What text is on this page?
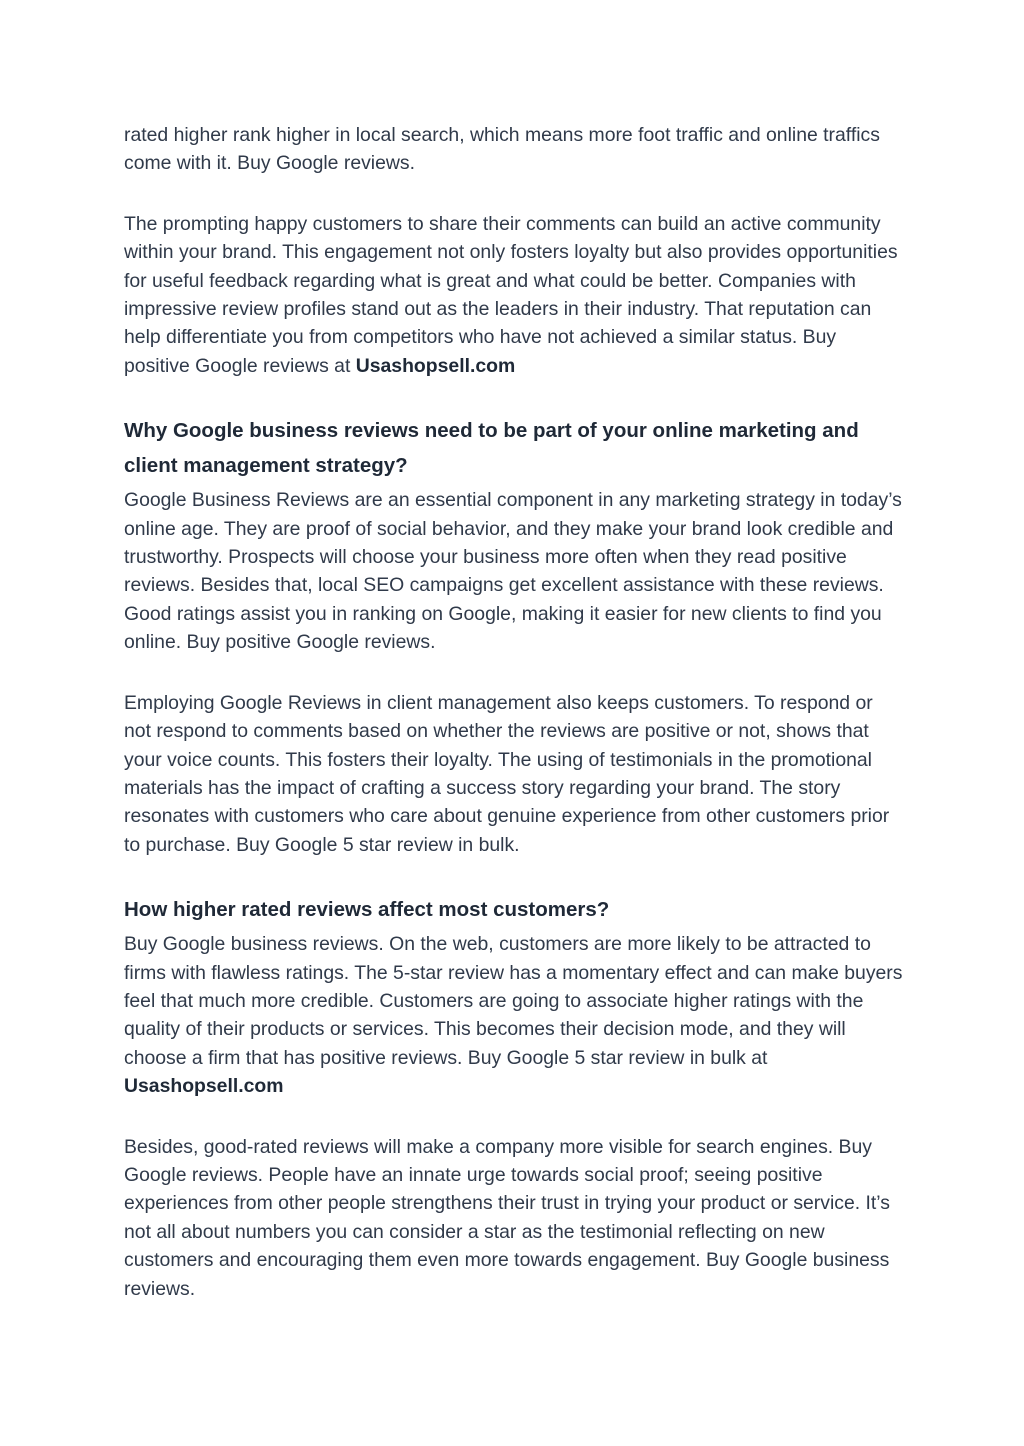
rated higher rank higher in local search, which means more foot traffic and online traffics come with it. Buy Google reviews.

The prompting happy customers to share their comments can build an active community within your brand. This engagement not only fosters loyalty but also provides opportunities for useful feedback regarding what is great and what could be better. Companies with impressive review profiles stand out as the leaders in their industry. That reputation can help differentiate you from competitors who have not achieved a similar status. Buy positive Google reviews at Usashopsell.com

Why Google business reviews need to be part of your online marketing and client management strategy?

Google Business Reviews are an essential component in any marketing strategy in today’s online age. They are proof of social behavior, and they make your brand look credible and trustworthy. Prospects will choose your business more often when they read positive reviews. Besides that, local SEO campaigns get excellent assistance with these reviews. Good ratings assist you in ranking on Google, making it easier for new clients to find you online. Buy positive Google reviews.

Employing Google Reviews in client management also keeps customers. To respond or not respond to comments based on whether the reviews are positive or not, shows that your voice counts. This fosters their loyalty. The using of testimonials in the promotional materials has the impact of crafting a success story regarding your brand. The story resonates with customers who care about genuine experience from other customers prior to purchase. Buy Google 5 star review in bulk.

How higher rated reviews affect most customers?

Buy Google business reviews. On the web, customers are more likely to be attracted to firms with flawless ratings. The 5-star review has a momentary effect and can make buyers feel that much more credible. Customers are going to associate higher ratings with the quality of their products or services. This becomes their decision mode, and they will choose a firm that has positive reviews. Buy Google 5 star review in bulk at Usashopsell.com

Besides, good-rated reviews will make a company more visible for search engines. Buy Google reviews. People have an innate urge towards social proof; seeing positive experiences from other people strengthens their trust in trying your product or service. It’s not all about numbers you can consider a star as the testimonial reflecting on new customers and encouraging them even more towards engagement. Buy Google business reviews.
